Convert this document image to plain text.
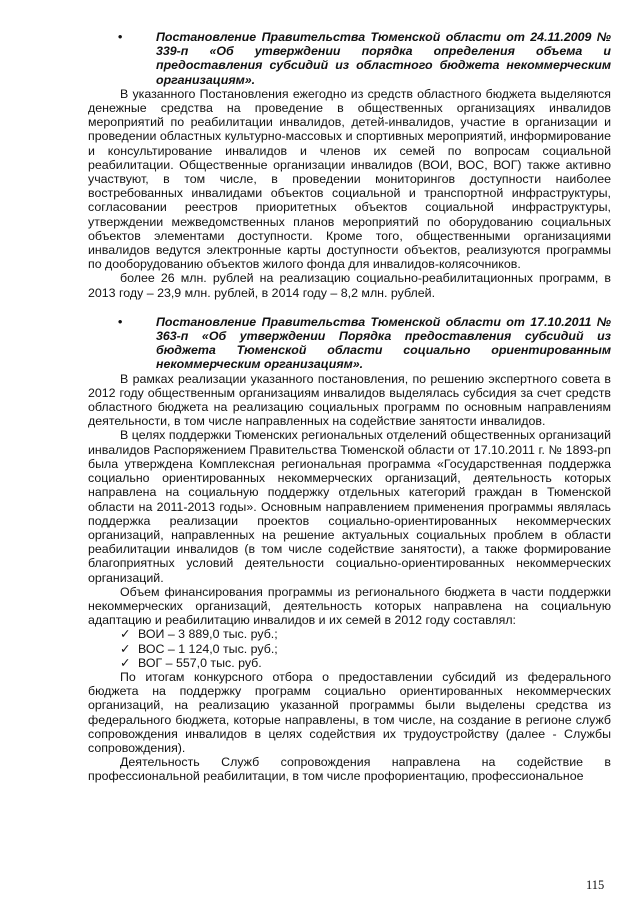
•	Постановление Правительства Тюменской области от 24.11.2009 № 339-п «Об утверждении порядка определения объема и предоставления субсидий из областного бюджета некоммерческим организациям».

В указанного Постановления ежегодно из средств областного бюджета выделяются денежные средства на проведение в общественных организациях инвалидов мероприятий по реабилитации инвалидов, детей-инвалидов, участие в организации и проведении областных культурно-массовых и спортивных мероприятий, информирование и консультирование инвалидов и членов их семей по вопросам социальной реабилитации. Общественные организации инвалидов (ВОИ, ВОС, ВОГ) также активно участвуют, в том числе, в проведении мониторингов доступности наиболее востребованных инвалидами объектов социальной и транспортной инфраструктуры, согласовании реестров приоритетных объектов социальной инфраструктуры, утверждении межведомственных планов мероприятий по оборудованию социальных объектов элементами доступности. Кроме того, общественными организациями инвалидов ведутся электронные карты доступности объектов, реализуются программы по дооборудованию объектов жилого фонда для инвалидов-колясочников.

более 26 млн. рублей на реализацию социально-реабилитационных программ, в 2013 году – 23,9 млн. рублей, в 2014 году – 8,2 млн. рублей.

•	Постановление Правительства Тюменской области от 17.10.2011 № 363-п «Об утверждении Порядка предоставления субсидий из бюджета Тюменской области социально ориентированным некоммерческим организациям».

В рамках реализации указанного постановления, по решению экспертного совета в 2012 году общественным организациям инвалидов выделялась субсидия за счет средств областного бюджета на реализацию социальных программ по основным направлениям деятельности, в том числе направленных на содействие занятости инвалидов.

В целях поддержки Тюменских региональных отделений общественных организаций инвалидов Распоряжением Правительства Тюменской области от 17.10.2011 г. № 1893-рп была утверждена Комплексная региональная программа «Государственная поддержка социально ориентированных некоммерческих организаций, деятельность которых направлена на социальную поддержку отдельных категорий граждан в Тюменской области на 2011-2013 годы». Основным направлением применения программы являлась поддержка реализации проектов социально-ориентированных некоммерческих организаций, направленных на решение актуальных социальных проблем в области реабилитации инвалидов (в том числе содействие занятости), а также формирование благоприятных условий деятельности социально-ориентированных некоммерческих организаций.

Объем финансирования программы из регионального бюджета в части поддержки некоммерческих организаций, деятельность которых направлена на социальную адаптацию и реабилитацию инвалидов и их семей в 2012 году составлял:

✓ ВОИ – 3 889,0 тыс. руб.;
✓ ВОС – 1 124,0 тыс. руб.;
✓ ВОГ – 557,0 тыс. руб.

По итогам конкурсного отбора о предоставлении субсидий из федерального бюджета на поддержку программ социально ориентированных некоммерческих организаций, на реализацию указанной программы были выделены средства из федерального бюджета, которые направлены, в том числе, на создание в регионе служб сопровождения инвалидов в целях содействия их трудоустройству (далее - Службы сопровождения).

Деятельность Служб сопровождения направлена на содействие в профессиональной реабилитации, в том числе профориентацию, профессиональное

115
